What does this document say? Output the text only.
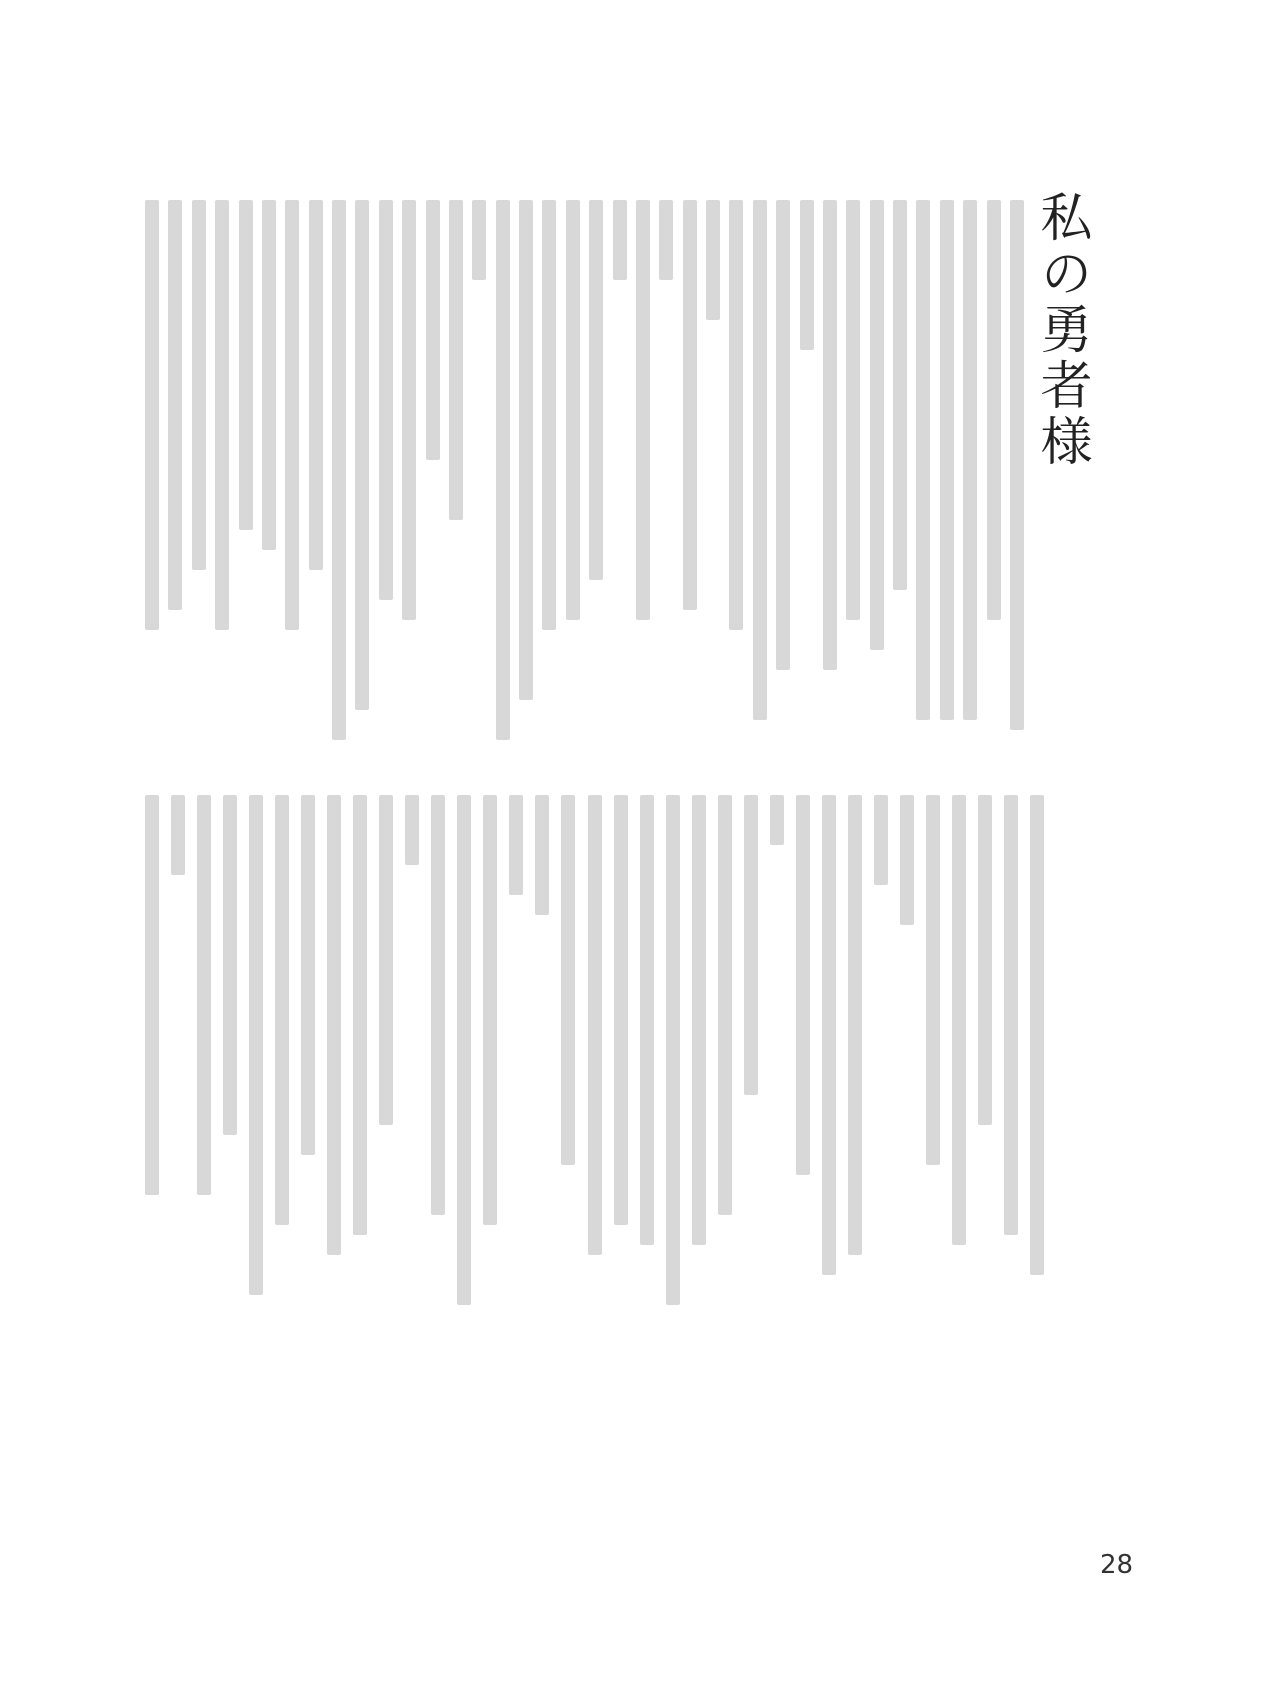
私の勇者様
28
